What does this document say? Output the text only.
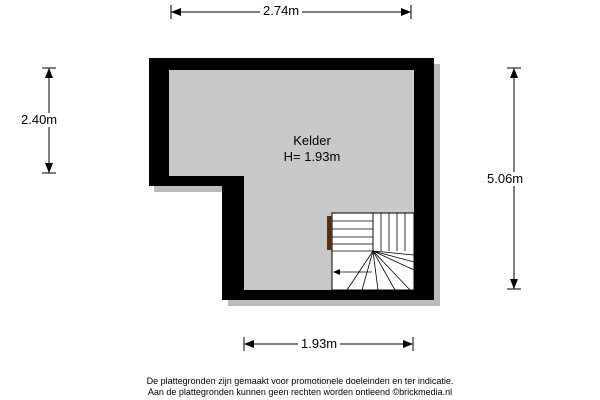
2.74m
2.40m
5.06m
1.93m
Kelder
H= 1.93m
De plattegronden zijn gemaakt voor promotionele doeleinden en ter indicatie.
Aan de plattegronden kunnen geen rechten worden ontleend ©brickmedia.nl
